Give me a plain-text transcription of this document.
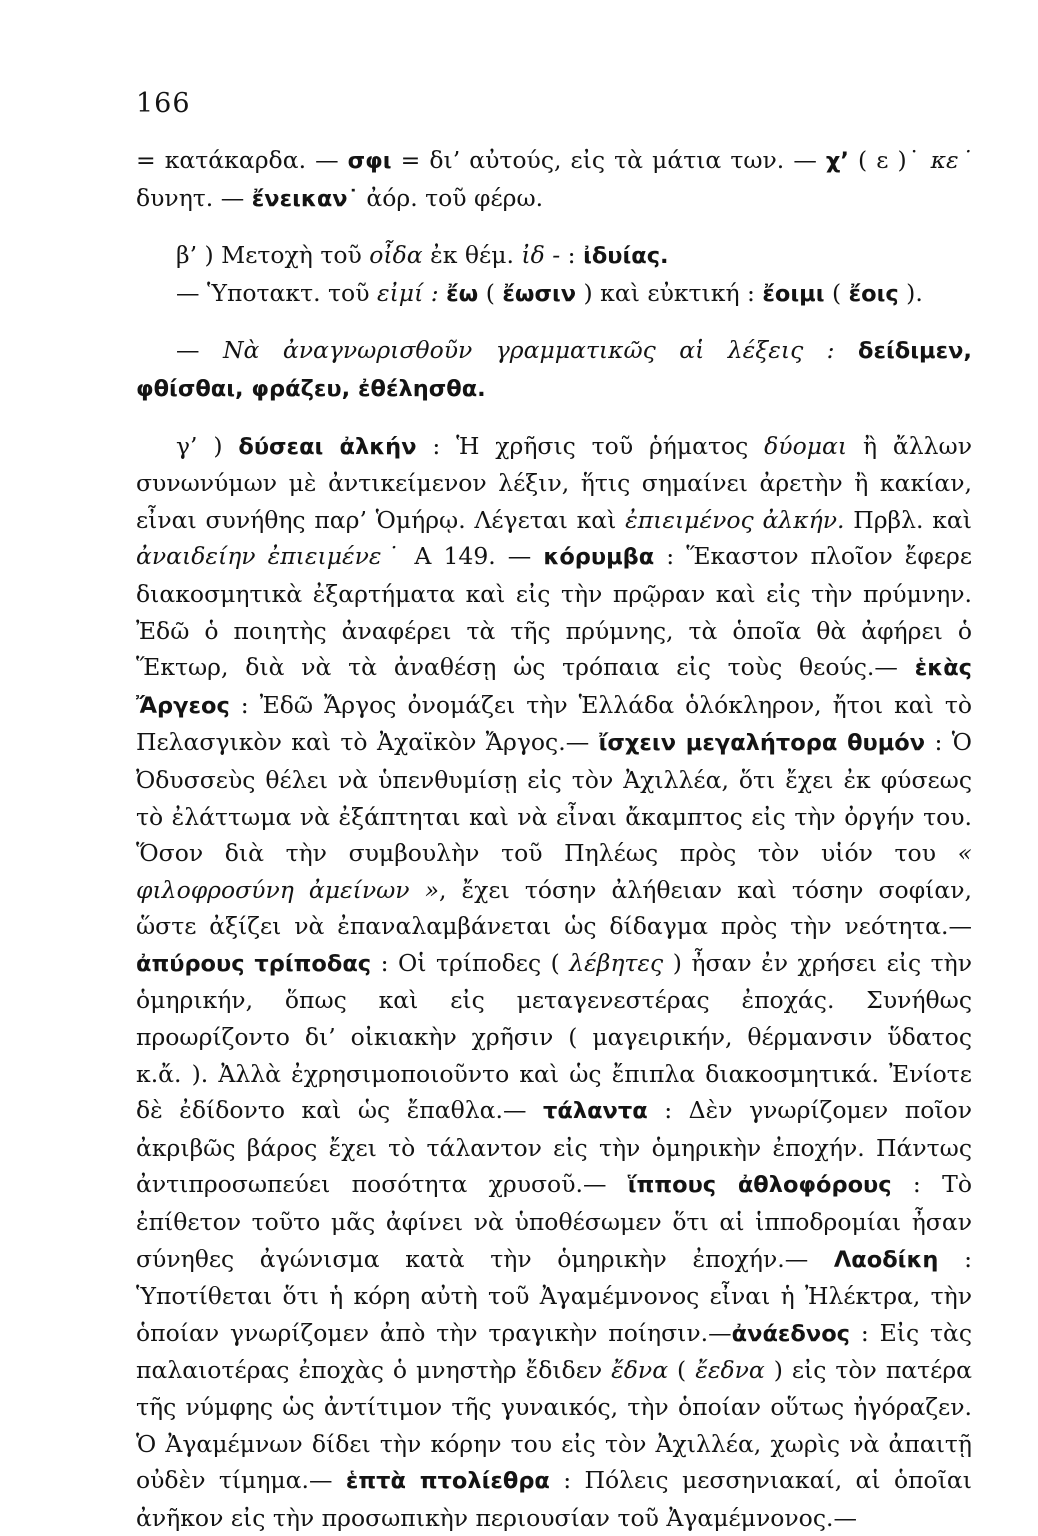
166

= κατάκαρδα. — σφι = δι’ αὐτούς, εἰς τὰ μάτια των. — χ’ ( ε )˙ κε˙ δυνητ. — ἔνεικαν˙ ἀόρ. τοῦ φέρω.

β’ ) Μετοχὴ τοῦ οἶδα ἐκ θέμ. ἰδ - : ἰδυίας.

— Ὑποτακτ. τοῦ εἰμί : ἔω ( ἔωσιν ) καὶ εὐκτική : ἔοιμι ( ἔοις ).

— Νὰ ἀναγνωρισθοῦν γραμματικῶς αἱ λέξεις : δείδιμεν, φθίσθαι, φράζευ, ἐθέλησθα.

γ’ ) δύσεαι ἀλκήν : Ἡ χρῆσις τοῦ ῥήματος δύομαι ἢ ἄλλων συνωνύμων μὲ ἀντικείμενον λέξιν, ἥτις σημαίνει ἀρετὴν ἢ κακίαν, εἶναι συνήθης παρ’ Ὁμήρῳ. Λέγεται καὶ ἐπιειμένος ἀλκήν. Πρβλ. καὶ ἀναιδείην ἐπιειμένε˙ Α 149. — κόρυμβα : Ἕκαστον πλοῖον ἔφερε διακοσμητικὰ ἐξαρτήματα καὶ εἰς τὴν πρῷραν καὶ εἰς τὴν πρύμνην. Ἐδῶ ὁ ποιητὴς ἀναφέρει τὰ τῆς πρύμνης, τὰ ὁποῖα θὰ ἀφήρει ὁ Ἕκτωρ, διὰ νὰ τὰ ἀναθέσῃ ὡς τρόπαια εἰς τοὺς θεούς.— ἑκὰς Ἄργεος : Ἐδῶ Ἄργος ὀνομάζει τὴν Ἑλλάδα ὁλόκληρον, ἤτοι καὶ τὸ Πελασγικὸν καὶ τὸ Ἀχαϊκὸν Ἄργος.— ἴσχειν μεγαλήτορα θυμόν : Ὁ Ὀδυσσεὺς θέλει νὰ ὑπενθυμίσῃ εἰς τὸν Ἀχιλλέα, ὅτι ἔχει ἐκ φύσεως τὸ ἐλάττωμα νὰ ἐξάπτηται καὶ νὰ εἶναι ἄκαμπτος εἰς τὴν ὀργήν του. Ὅσον διὰ τὴν συμβουλὴν τοῦ Πηλέως πρὸς τὸν υἱόν του « φιλοφροσύνη ἀμείνων », ἔχει τόσην ἀλήθειαν καὶ τόσην σοφίαν, ὥστε ἀξίζει νὰ ἐπαναλαμβάνεται ὡς δίδαγμα πρὸς τὴν νεότητα.— ἀπύρους τρίποδας : Οἱ τρίποδες ( λέβητες ) ἦσαν ἐν χρήσει εἰς τὴν ὁμηρικήν, ὅπως καὶ εἰς μεταγενεστέρας ἐποχάς. Συνήθως προωρίζοντο δι’ οἰκιακὴν χρῆσιν ( μαγειρικήν, θέρμανσιν ὕδατος κ.ἄ. ). Ἀλλὰ ἐχρησιμοποιοῦντο καὶ ὡς ἔπιπλα διακοσμητικά. Ἐνίοτε δὲ ἐδίδοντο καὶ ὡς ἔπαθλα.— τάλαντα : Δὲν γνωρίζομεν ποῖον ἀκριβῶς βάρος ἔχει τὸ τάλαντον εἰς τὴν ὁμηρικὴν ἐποχήν. Πάντως ἀντιπροσωπεύει ποσότητα χρυσοῦ.— ἵππους ἀθλοφόρους : Τὸ ἐπίθετον τοῦτο μᾶς ἀφίνει νὰ ὑποθέσωμεν ὅτι αἱ ἱπποδρομίαι ἦσαν σύνηθες ἀγώνισμα κατὰ τὴν ὁμηρικὴν ἐποχήν.— Λαοδίκη : Ὑποτίθεται ὅτι ἡ κόρη αὐτὴ τοῦ Ἀγαμέμνονος εἶναι ἡ Ἠλέκτρα, τὴν ὁποίαν γνωρίζομεν ἀπὸ τὴν τραγικὴν ποίησιν.—ἀνάεδνος : Εἰς τὰς παλαιοτέρας ἐποχὰς ὁ μνηστὴρ ἔδιδεν ἔδνα ( ἔεδνα ) εἰς τὸν πατέρα τῆς νύμφης ὡς ἀντίτιμον τῆς γυναικός, τὴν ὁποίαν οὕτως ἠγόραζεν. Ὁ Ἀγαμέμνων δίδει τὴν κόρην του εἰς τὸν Ἀχιλλέα, χωρὶς νὰ ἀπαιτῇ οὐδὲν τίμημα.— ἑπτὰ πτολίεθρα : Πόλεις μεσσηνιακαί, αἱ ὁποῖαι ἀνῆκον εἰς τὴν προσωπικὴν περιουσίαν τοῦ Ἀγαμέμνονος.—
